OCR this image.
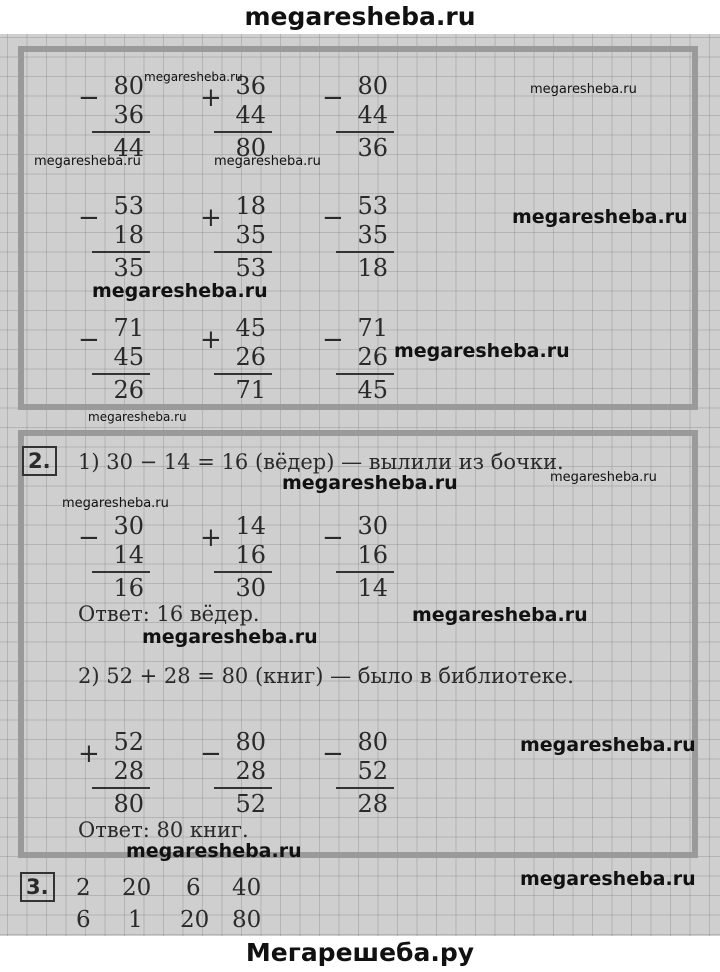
megaresheba.ru
− 80
36
44
+ 36
44
80
− 80
44
36
− 53
18
35
+ 18
35
53
− 53
35
18
− 71
45
26
+ 45
26
71
− 71
26
45
2. 1) 30 − 14 = 16 (вёдер) — вылили из бочки.
− 30
14
16
+ 14
16
30
− 30
16
14
Ответ: 16 вёдер.
2) 52 + 28 = 80 (книг) — было в библиотеке.
+ 52
28
80
− 80
28
52
− 80
52
28
Ответ: 80 книг.
3. 2 20 6 40
6 1 20 80
megaresheba.ru
megaresheba.ru
megaresheba.ru	megaresheba.ru
megaresheba.ru
megaresheba.ru
megaresheba.ru
megaresheba.ru
megaresheba.ru	megaresheba.ru
megaresheba.ru
megaresheba.ru
megaresheba.ru
megaresheba.ru
megaresheba.ru
megaresheba.ru
Мегарешеба.ру
